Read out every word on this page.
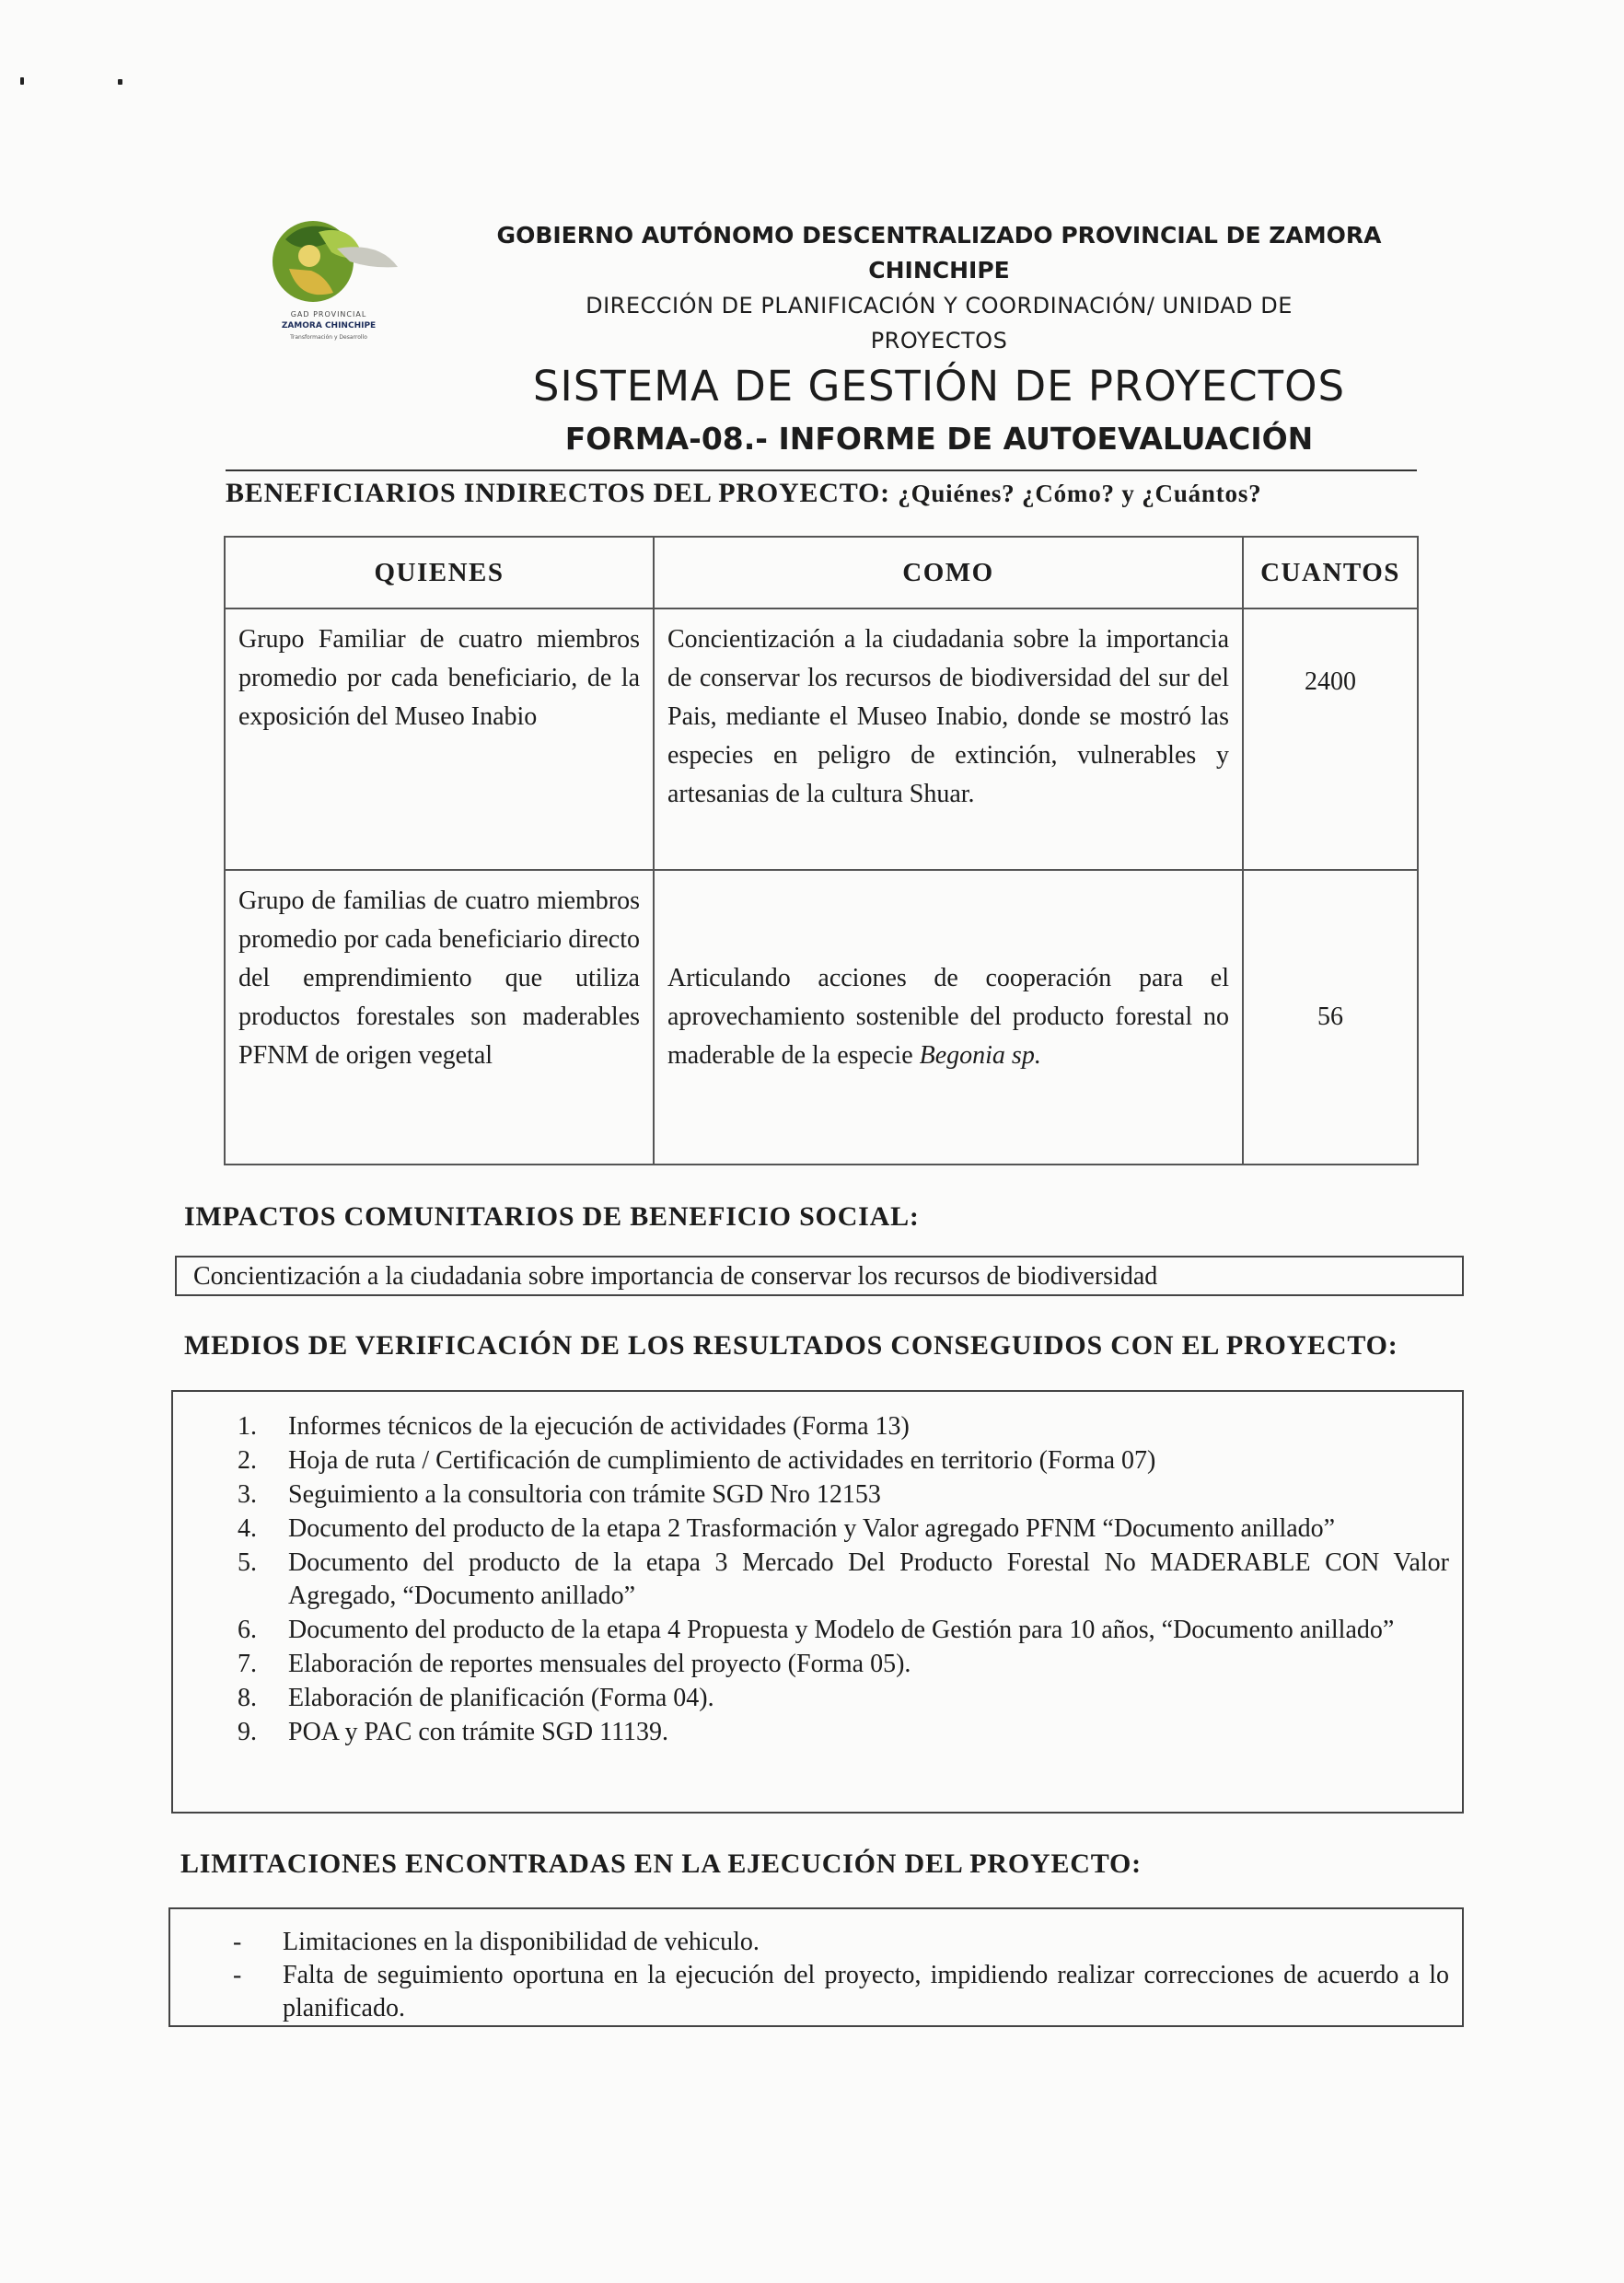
GAD PROVINCIAL
ZAMORA CHINCHIPE
Transformación y Desarrollo
GOBIERNO AUTÓNOMO DESCENTRALIZADO PROVINCIAL DE ZAMORA
CHINCHIPE
DIRECCIÓN DE PLANIFICACIÓN Y COORDINACIÓN/ UNIDAD DE
PROYECTOS
SISTEMA DE GESTIÓN DE PROYECTOS
FORMA-08.- INFORME DE AUTOEVALUACIÓN
BENEFICIARIOS INDIRECTOS DEL PROYECTO: ¿Quiénes? ¿Cómo? y ¿Cuántos?
QUIENES	COMO	CUANTOS
Grupo Familiar de cuatro miembros promedio por cada beneficiario, de la exposición del Museo Inabio	Concientización a la ciudadania sobre la importancia de conservar los recursos de biodiversidad del sur del Pais, mediante el Museo Inabio, donde se mostró las especies en peligro de extinción, vulnerables y artesanias de la cultura Shuar.	2400
Grupo de familias de cuatro miembros promedio por cada beneficiario directo del emprendimiento que utiliza productos forestales son maderables PFNM de origen vegetal	Articulando acciones de cooperación para el aprovechamiento sostenible del producto forestal no maderable de la especie Begonia sp.	56
IMPACTOS COMUNITARIOS DE BENEFICIO SOCIAL:
Concientización a la ciudadania sobre importancia de conservar los recursos de biodiversidad
MEDIOS DE VERIFICACIÓN DE LOS RESULTADOS CONSEGUIDOS CON EL PROYECTO:
1. Informes técnicos de la ejecución de actividades (Forma 13)
2. Hoja de ruta / Certificación de cumplimiento de actividades en territorio (Forma 07)
3. Seguimiento a la consultoria con trámite SGD Nro 12153
4. Documento del producto de la etapa 2 Trasformación y Valor agregado PFNM “Documento anillado”
5. Documento del producto de la etapa 3 Mercado Del Producto Forestal No MADERABLE CON Valor Agregado, “Documento anillado”
6. Documento del producto de la etapa 4 Propuesta y Modelo de Gestión para 10 años, “Documento anillado”
7. Elaboración de reportes mensuales del proyecto (Forma 05).
8. Elaboración de planificación (Forma 04).
9. POA y PAC con trámite SGD 11139.
LIMITACIONES ENCONTRADAS EN LA EJECUCIÓN DEL PROYECTO:
- Limitaciones en la disponibilidad de vehiculo.
- Falta de seguimiento oportuna en la ejecución del proyecto, impidiendo realizar correcciones de acuerdo a lo planificado.
